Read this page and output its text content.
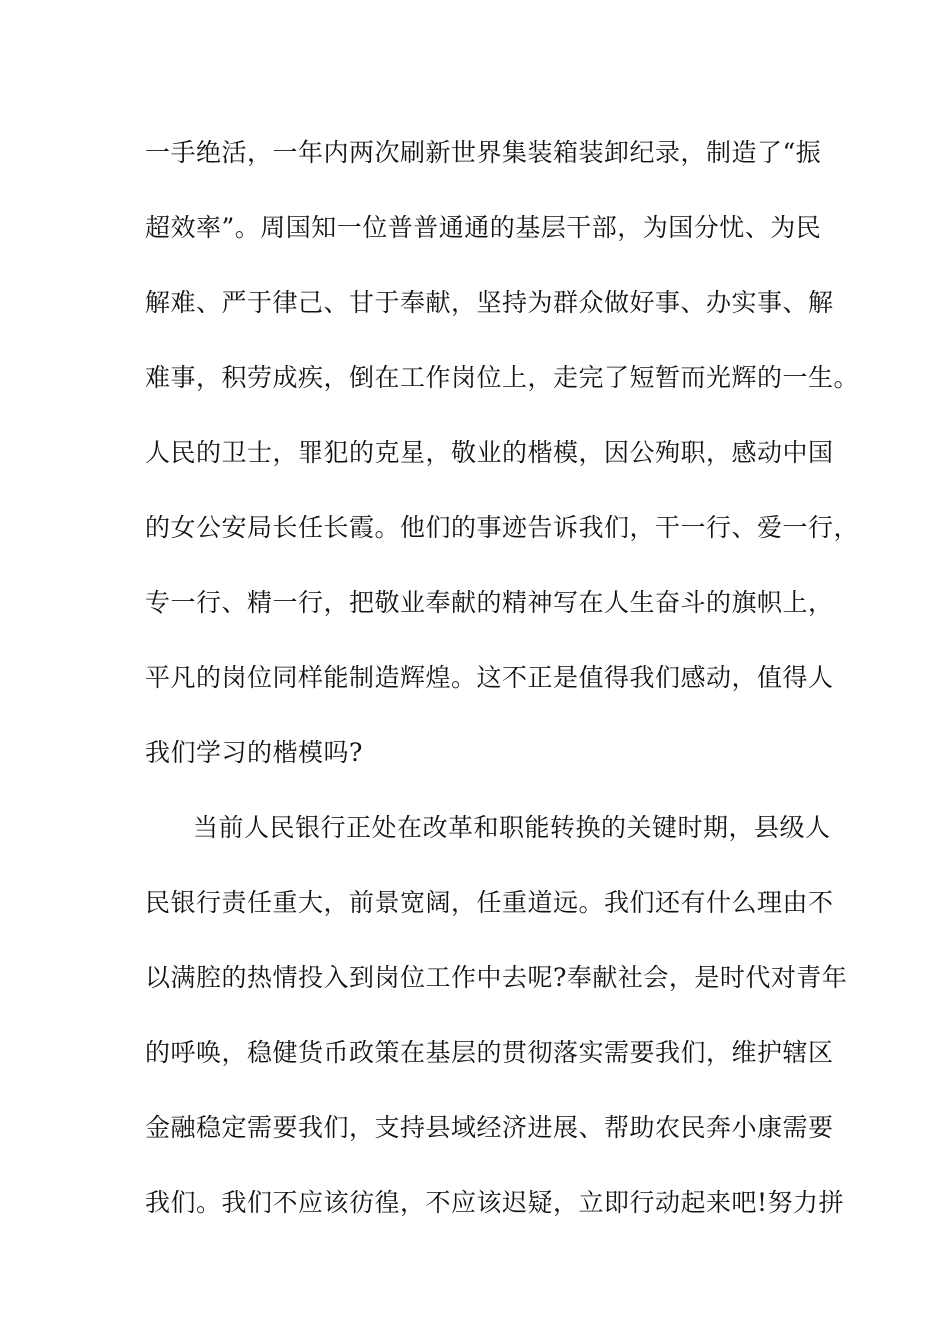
一手绝活，一年内两次刷新世界集装箱装卸纪录，制造了“振
超效率”。周国知一位普普通通的基层干部，为国分忧、为民
解难、严于律己、甘于奉献，坚持为群众做好事、办实事、解
难事，积劳成疾，倒在工作岗位上，走完了短暂而光辉的一生。
人民的卫士，罪犯的克星，敬业的楷模，因公殉职，感动中国
的女公安局长任长霞。他们的事迹告诉我们，干一行、爱一行，
专一行、精一行，把敬业奉献的精神写在人生奋斗的旗帜上，
平凡的岗位同样能制造辉煌。这不正是值得我们感动，值得人
我们学习的楷模吗?
当前人民银行正处在改革和职能转换的关键时期，县级人
民银行责任重大，前景宽阔，任重道远。我们还有什么理由不
以满腔的热情投入到岗位工作中去呢?奉献社会，是时代对青年
的呼唤，稳健货币政策在基层的贯彻落实需要我们，维护辖区
金融稳定需要我们，支持县域经济进展、帮助农民奔小康需要
我们。我们不应该彷徨，不应该迟疑，立即行动起来吧!努力拼
